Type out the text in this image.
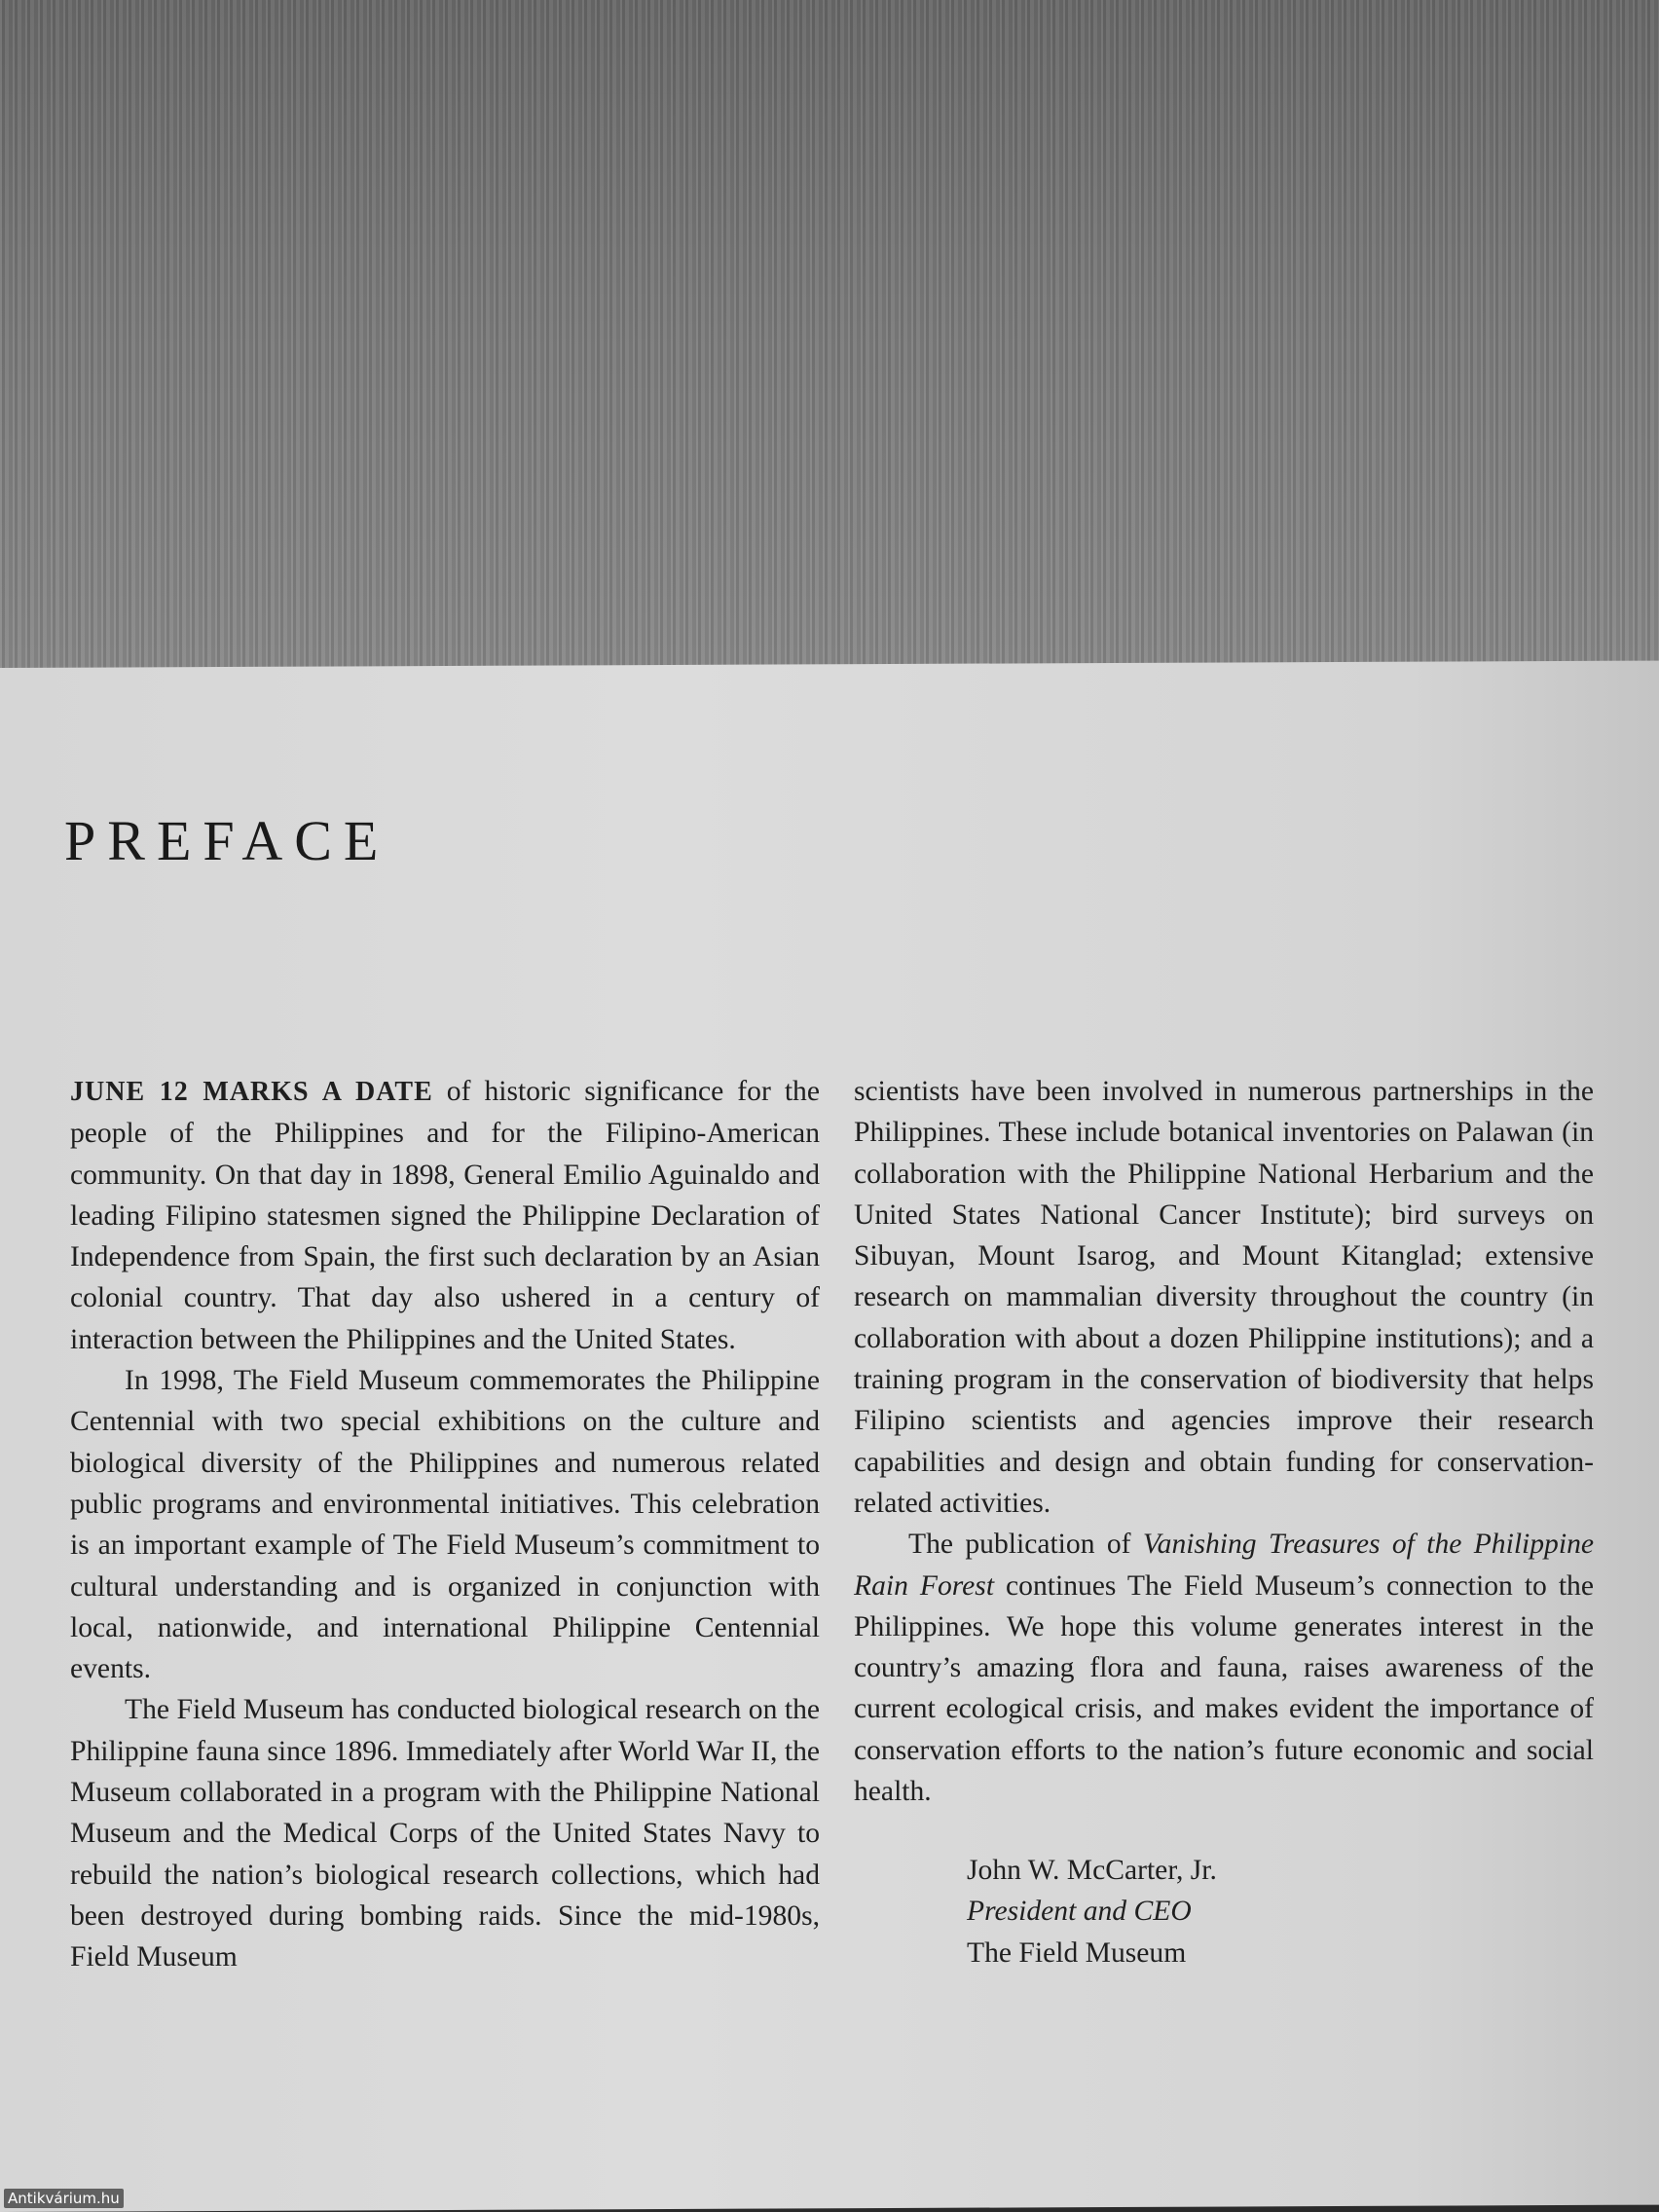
PREFACE

JUNE 12 MARKS A DATE of historic significance for the people of the Philippines and for the Filipino-American community. On that day in 1898, General Emilio Aguinaldo and leading Filipino statesmen signed the Philippine Declaration of Independence from Spain, the first such declaration by an Asian colonial country. That day also ushered in a century of interaction between the Philippines and the United States.

In 1998, The Field Museum commemorates the Philippine Centennial with two special exhibitions on the culture and biological diversity of the Philippines and numerous related public programs and environmental initiatives. This celebration is an important example of The Field Museum’s commitment to cultural understanding and is organized in conjunction with local, nationwide, and international Philippine Centennial events.

The Field Museum has conducted biological research on the Philippine fauna since 1896. Immediately after World War II, the Museum collaborated in a program with the Philippine National Museum and the Medical Corps of the United States Navy to rebuild the nation’s biological research collections, which had been destroyed during bombing raids. Since the mid-1980s, Field Museum

scientists have been involved in numerous partnerships in the Philippines. These include botanical inventories on Palawan (in collaboration with the Philippine National Herbarium and the United States National Cancer Institute); bird surveys on Sibuyan, Mount Isarog, and Mount Kitanglad; extensive research on mammalian diversity throughout the country (in collaboration with about a dozen Philippine institutions); and a training program in the conservation of biodiversity that helps Filipino scientists and agencies improve their research capabilities and design and obtain funding for conservation-related activities.

The publication of Vanishing Treasures of the Philippine Rain Forest continues The Field Museum’s connection to the Philippines. We hope this volume generates interest in the country’s amazing flora and fauna, raises awareness of the current ecological crisis, and makes evident the importance of conservation efforts to the nation’s future economic and social health.

John W. McCarter, Jr.
President and CEO
The Field Museum
Antikvárium.hu
